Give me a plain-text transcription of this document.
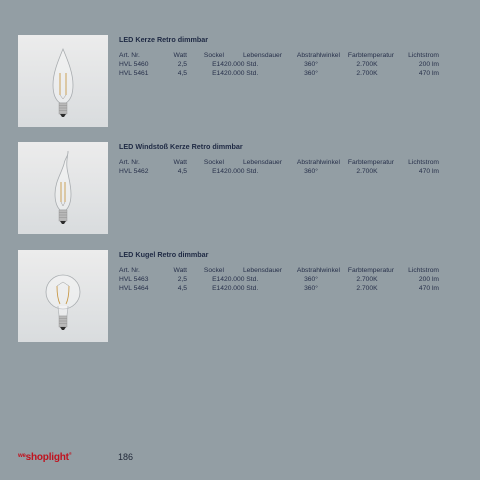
LED Kerze Retro dimmbar
Art. Nr.	Watt	Sockel	Lebensdauer	Abstrahlwinkel	Farbtemperatur	Lichtstrom
HVL 5460	2,5	E14	20.000 Std.	360°	2.700K	200 lm
HVL 5461	4,5	E14	20.000 Std.	360°	2.700K	470 lm
LED Windstoß Kerze Retro dimmbar
Art. Nr.	Watt	Sockel	Lebensdauer	Abstrahlwinkel	Farbtemperatur	Lichtstrom
HVL 5462	4,5	E14	20.000 Std.	360°	2.700K	470 lm
LED Kugel Retro dimmbar
Art. Nr.	Watt	Sockel	Lebensdauer	Abstrahlwinkel	Farbtemperatur	Lichtstrom
HVL 5463	2,5	E14	20.000 Std.	360°	2.700K	200 lm
HVL 5464	4,5	E14	20.000 Std.	360°	2.700K	470 lm
$^{we}$shoplight®	186
